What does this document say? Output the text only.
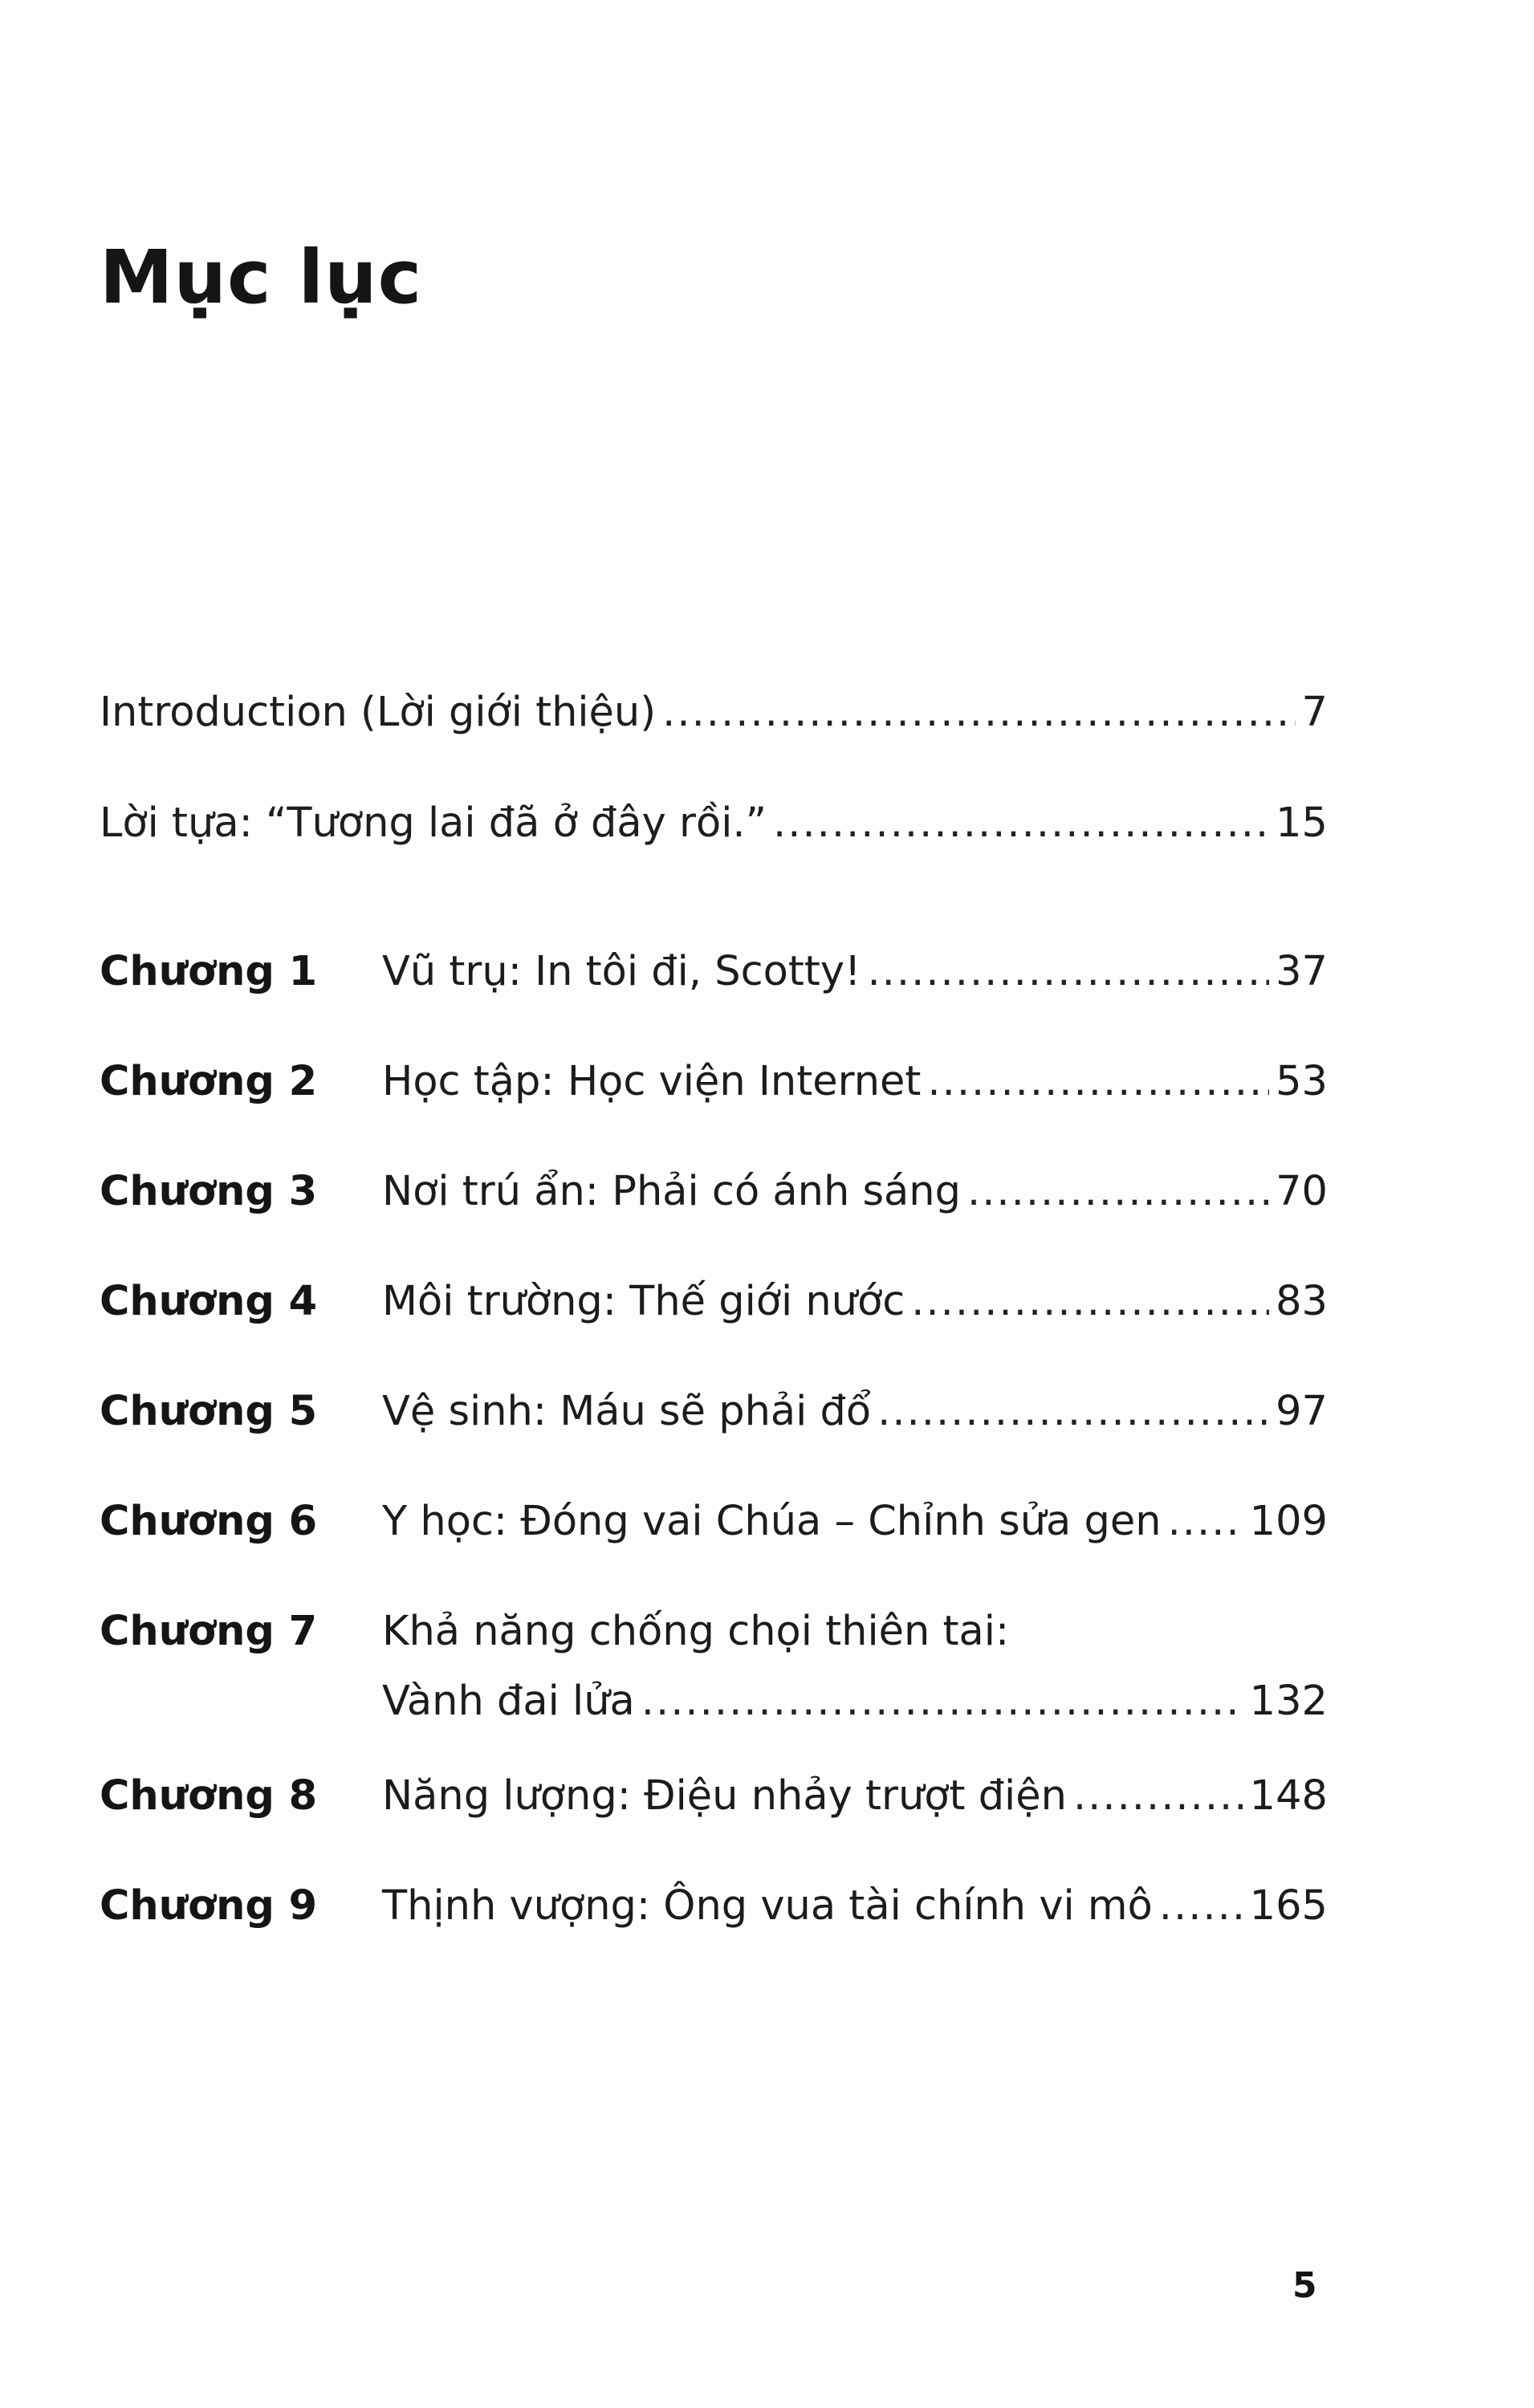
Mục lục
Introduction (Lời giới thiệu) .....	7
Lời tựa: “Tương lai đã ở đây rồi.” .....	15
Chương 1	Vũ trụ: In tôi đi, Scotty! .....	37
Chương 2	Học tập: Học viện Internet .....	53
Chương 3	Nơi trú ẩn: Phải có ánh sáng .....	70
Chương 4	Môi trường: Thế giới nước .....	83
Chương 5	Vệ sinh: Máu sẽ phải đổ .....	97
Chương 6	Y học: Đóng vai Chúa – Chỉnh sửa gen ..... 109
Chương 7	Khả năng chống chọi thiên tai:
Vành đai lửa .....	132
Chương 8	Năng lượng: Điệu nhảy trượt điện .....	148
Chương 9	Thịnh vượng: Ông vua tài chính vi mô ..... 165
5
